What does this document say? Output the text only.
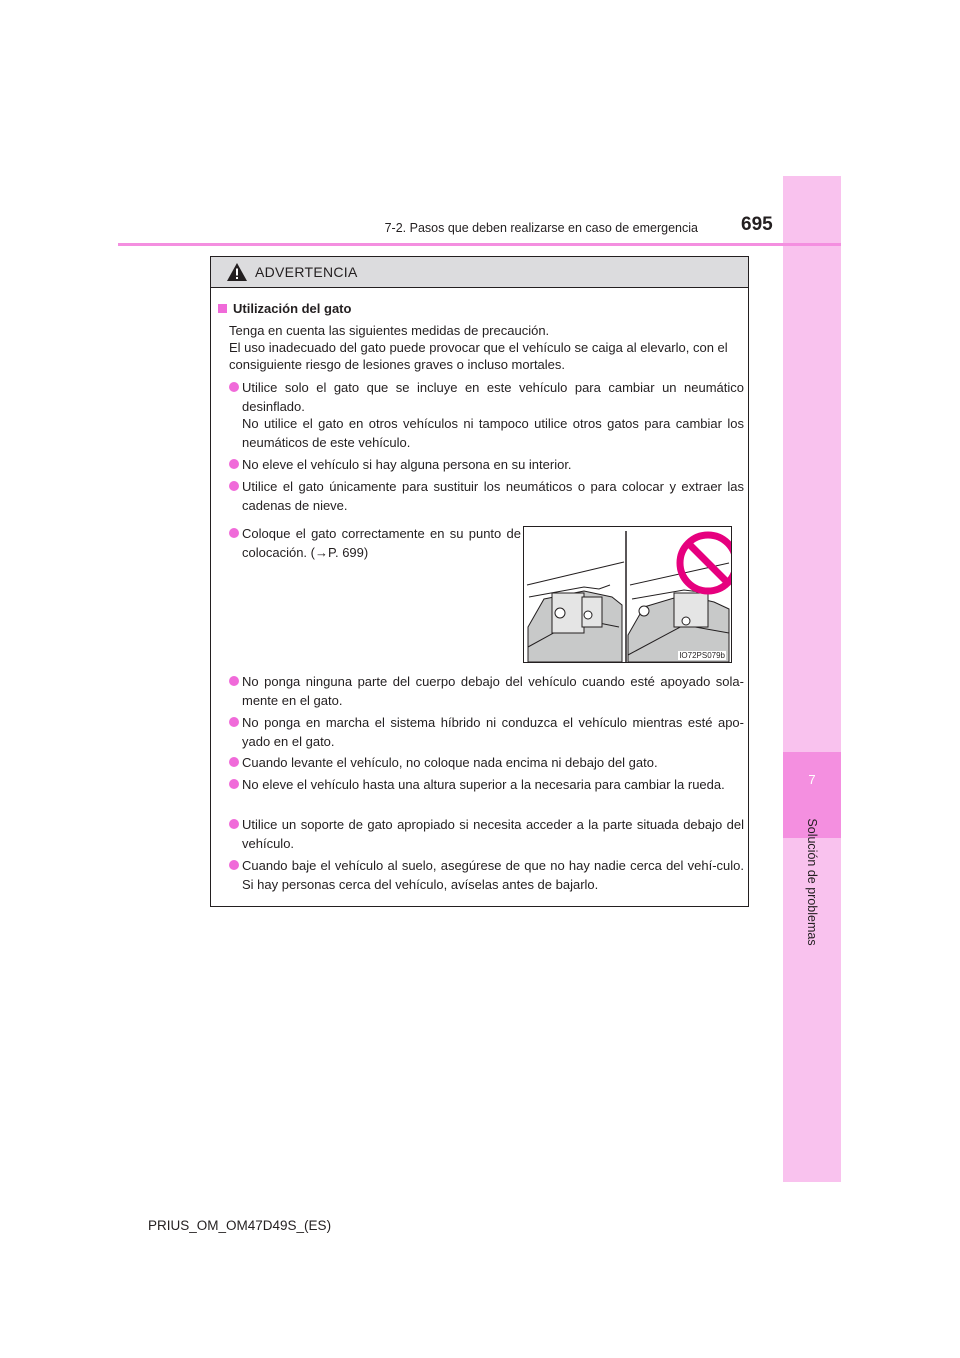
7
Solución de problemas
7-2. Pasos que deben realizarse en caso de emergencia 695
ADVERTENCIA
Utilización del gato
Tenga en cuenta las siguientes medidas de precaución.
El uso inadecuado del gato puede provocar que el vehículo se caiga al elevarlo, con el consiguiente riesgo de lesiones graves o incluso mortales.
Utilice solo el gato que se incluye en este vehículo para cambiar un neumático desinflado.
No utilice el gato en otros vehículos ni tampoco utilice otros gatos para cambiar los neumáticos de este vehículo.
No eleve el vehículo si hay alguna persona en su interior.
Utilice el gato únicamente para sustituir los neumáticos o para colocar y extraer las cadenas de nieve.
Coloque el gato correctamente en su punto de colocación. (→P. 699)
IO72PS079b
No ponga ninguna parte del cuerpo debajo del vehículo cuando esté apoyado sola-mente en el gato.
No ponga en marcha el sistema híbrido ni conduzca el vehículo mientras esté apo-yado en el gato.
Cuando levante el vehículo, no coloque nada encima ni debajo del gato.
No eleve el vehículo hasta una altura superior a la necesaria para cambiar la rueda.
Utilice un soporte de gato apropiado si necesita acceder a la parte situada debajo del vehículo.
Cuando baje el vehículo al suelo, asegúrese de que no hay nadie cerca del vehí-culo. Si hay personas cerca del vehículo, avíselas antes de bajarlo.
PRIUS_OM_OM47D49S_(ES)
